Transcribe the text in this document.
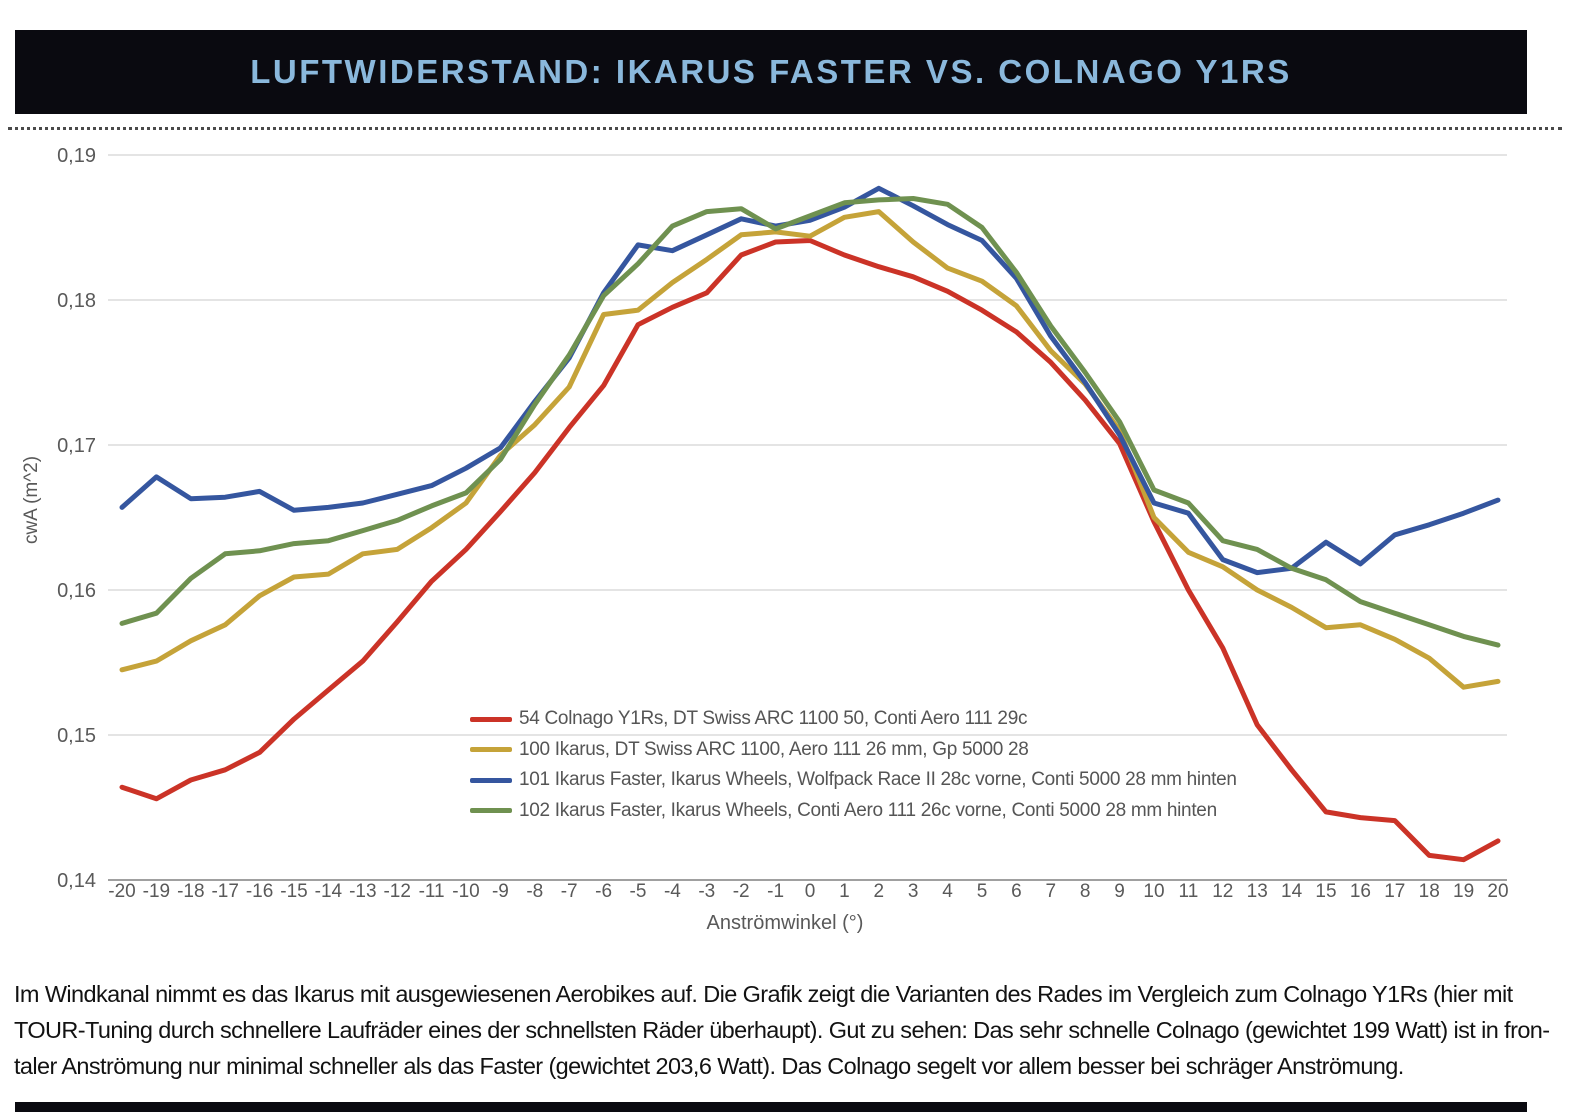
LUFTWIDERSTAND: IKARUS FASTER VS. COLNAGO Y1RS
0,19
0,18
0,17
0,16
0,15
0,14 -20 -19 -18 -17 -16 -15 -14 -13 -12 -11 -10 -9 -8 -7 -6 -5 -4 -3 -2 -1 0 1 2 3 4 5 6 7 8 9 10 11 12 13 14 15 16 17 18 19 20
cwA (m^2)
Anströmwinkel (°)
54 Colnago Y1Rs, DT Swiss ARC 1100 50, Conti Aero 111 29c
100 Ikarus, DT Swiss ARC 1100, Aero 111 26 mm, Gp 5000 28
101 Ikarus Faster, Ikarus Wheels, Wolfpack Race II 28c vorne, Conti 5000 28 mm hinten
102 Ikarus Faster, Ikarus Wheels, Conti Aero 111 26c vorne, Conti 5000 28 mm hinten
Im Windkanal nimmt es das Ikarus mit ausgewiesenen Aerobikes auf. Die Grafik zeigt die Varianten des Rades im Vergleich zum Colnago Y1Rs (hier mit
TOUR-Tuning durch schnellere Laufräder eines der schnellsten Räder überhaupt). Gut zu sehen: Das sehr schnelle Colnago (gewichtet 199 Watt) ist in fron-
taler Anströmung nur minimal schneller als das Faster (gewichtet 203,6 Watt). Das Colnago segelt vor allem besser bei schräger Anströmung.
